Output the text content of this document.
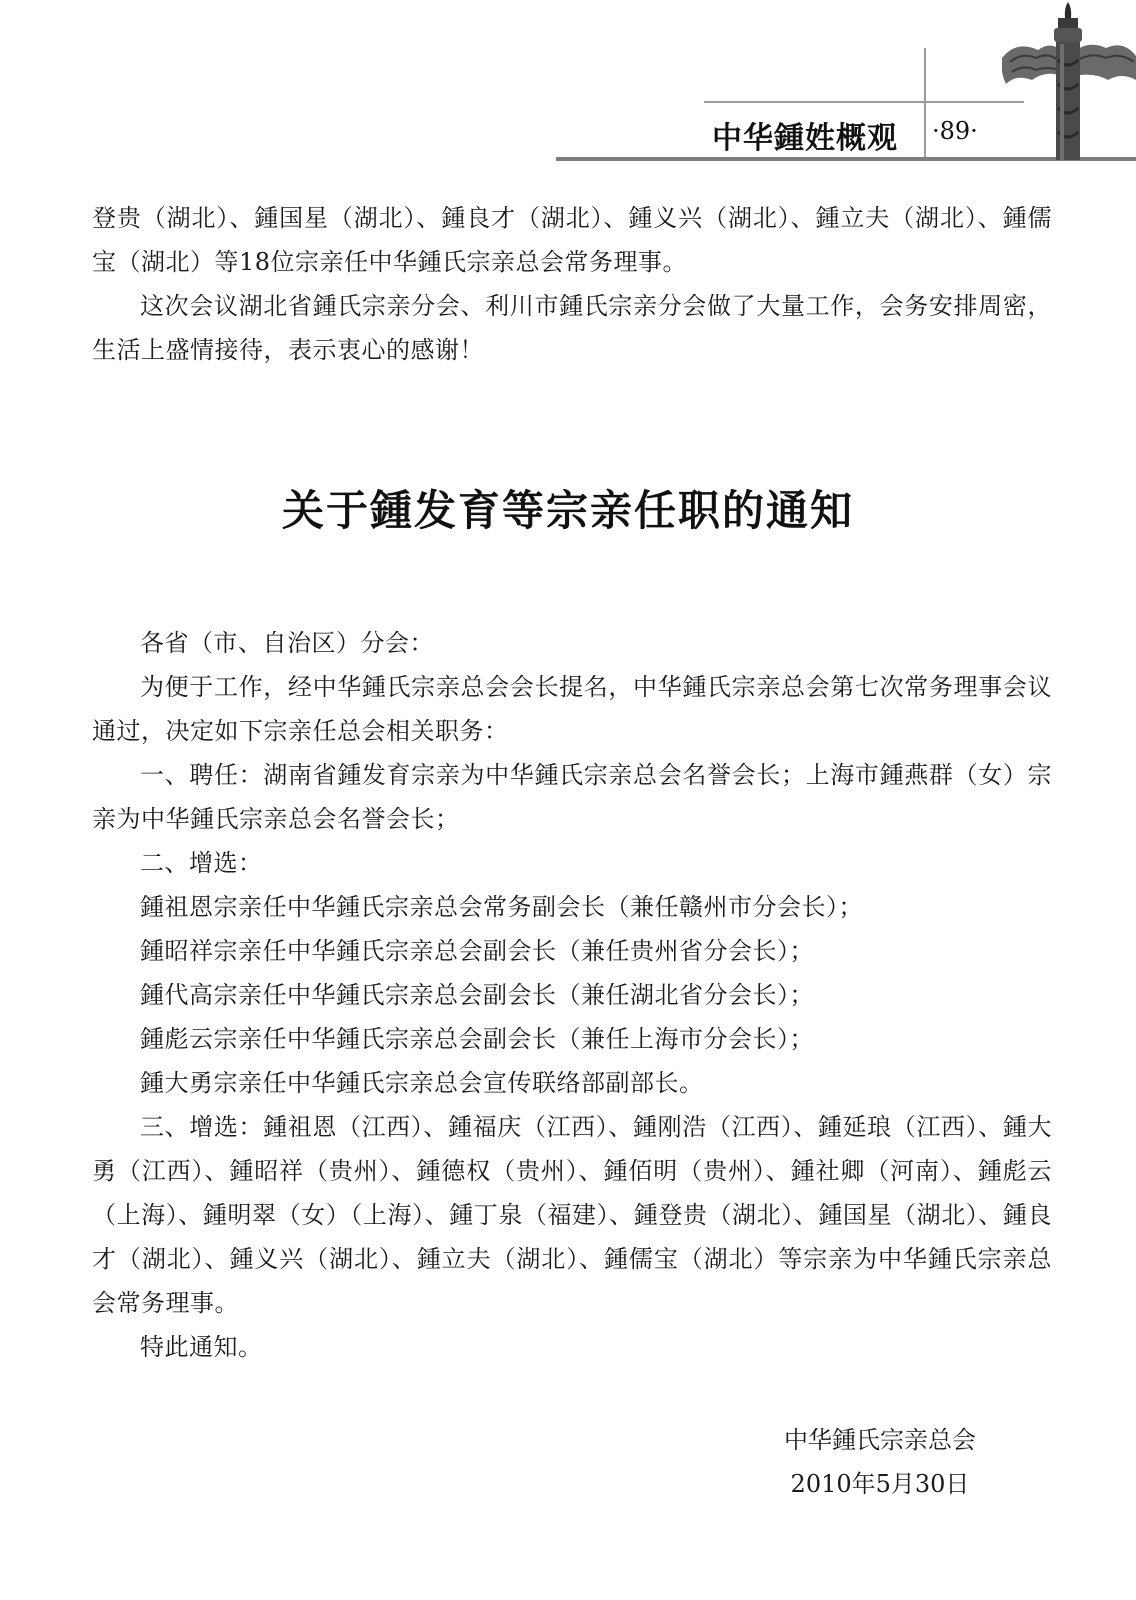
中华鍾姓概观 ·89·

登贵（湖北）、鍾国星（湖北）、鍾良才（湖北）、鍾义兴（湖北）、鍾立夫（湖北）、鍾儒宝（湖北）等18位宗亲任中华鍾氏宗亲总会常务理事。

这次会议湖北省鍾氏宗亲分会、利川市鍾氏宗亲分会做了大量工作，会务安排周密，生活上盛情接待，表示衷心的感谢！

关于鍾发育等宗亲任职的通知

各省（市、自治区）分会：

为便于工作，经中华鍾氏宗亲总会会长提名，中华鍾氏宗亲总会第七次常务理事会议通过，决定如下宗亲任总会相关职务：

一、聘任：湖南省鍾发育宗亲为中华鍾氏宗亲总会名誉会长；上海市鍾燕群（女）宗亲为中华鍾氏宗亲总会名誉会长；

二、增选：

鍾祖恩宗亲任中华鍾氏宗亲总会常务副会长（兼任赣州市分会长）；

鍾昭祥宗亲任中华鍾氏宗亲总会副会长（兼任贵州省分会长）；

鍾代高宗亲任中华鍾氏宗亲总会副会长（兼任湖北省分会长）；

鍾彪云宗亲任中华鍾氏宗亲总会副会长（兼任上海市分会长）；

鍾大勇宗亲任中华鍾氏宗亲总会宣传联络部副部长。

三、增选：鍾祖恩（江西）、鍾福庆（江西）、鍾刚浩（江西）、鍾延琅（江西）、鍾大勇（江西）、鍾昭祥（贵州）、鍾德权（贵州）、鍾佰明（贵州）、鍾社卿（河南）、鍾彪云（上海）、鍾明翠（女）（上海）、鍾丁泉（福建）、鍾登贵（湖北）、鍾国星（湖北）、鍾良才（湖北）、鍾义兴（湖北）、鍾立夫（湖北）、鍾儒宝（湖北）等宗亲为中华鍾氏宗亲总会常务理事。

特此通知。

中华鍾氏宗亲总会
2010年5月30日
